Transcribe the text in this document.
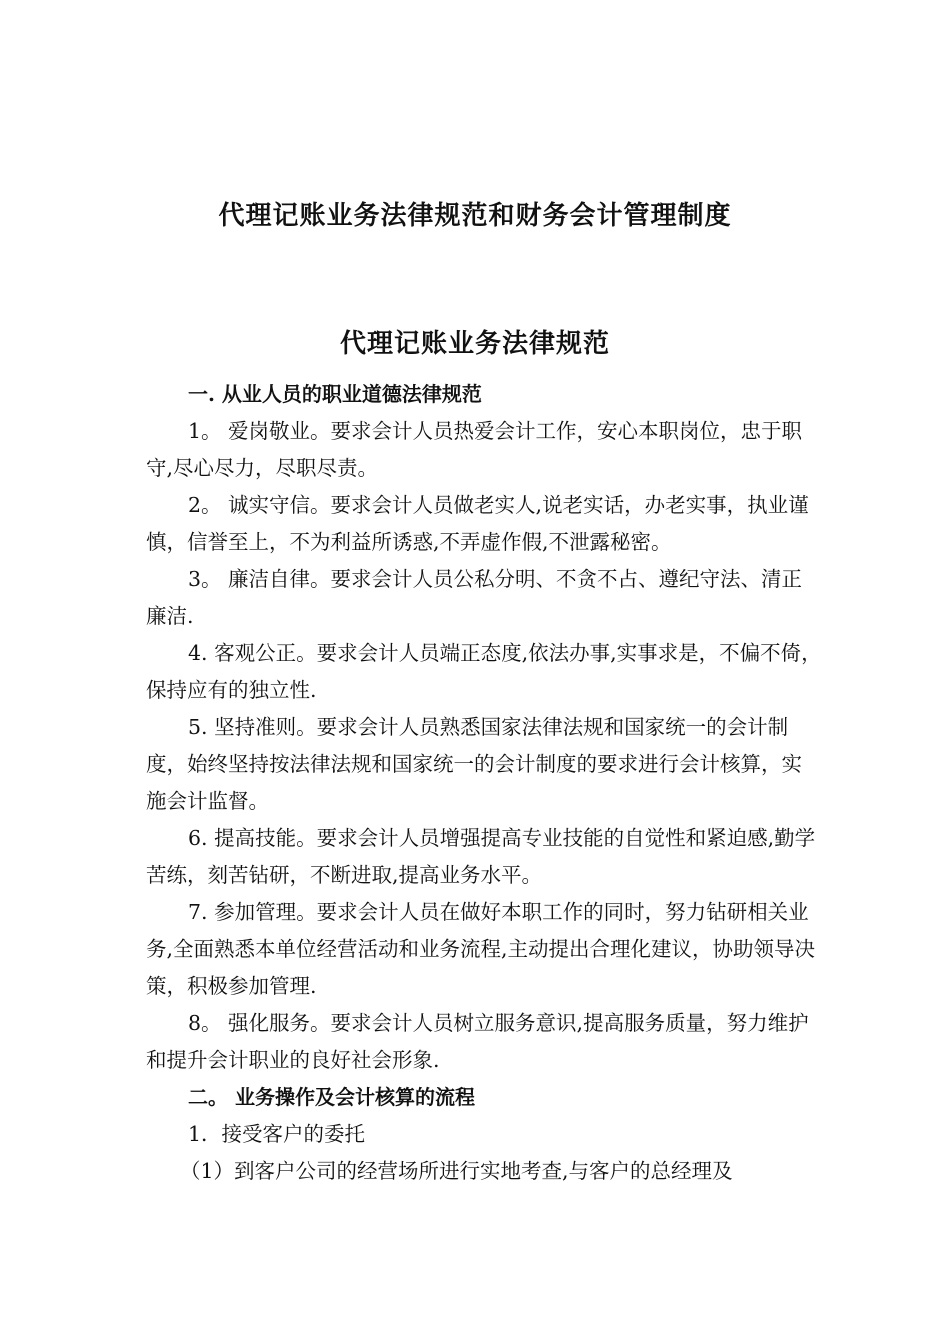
代理记账业务法律规范和财务会计管理制度
代理记账业务法律规范

一. 从业人员的职业道德法律规范

1。 爱岗敬业。要求会计人员热爱会计工作，安心本职岗位，忠于职守,尽心尽力，尽职尽责。

2。 诚实守信。要求会计人员做老实人,说老实话，办老实事，执业谨慎，信誉至上，不为利益所诱惑,不弄虚作假,不泄露秘密。

3。 廉洁自律。要求会计人员公私分明、不贪不占、遵纪守法、清正廉洁.

4. 客观公正。要求会计人员端正态度,依法办事,实事求是，不偏不倚，保持应有的独立性.

5. 坚持准则。要求会计人员熟悉国家法律法规和国家统一的会计制度，始终坚持按法律法规和国家统一的会计制度的要求进行会计核算，实施会计监督。

6. 提高技能。要求会计人员增强提高专业技能的自觉性和紧迫感,勤学苦练，刻苦钻研，不断进取,提高业务水平。

7. 参加管理。要求会计人员在做好本职工作的同时，努力钻研相关业务,全面熟悉本单位经营活动和业务流程,主动提出合理化建议，协助领导决策，积极参加管理.

8。 强化服务。要求会计人员树立服务意识,提高服务质量，努力维护和提升会计职业的良好社会形象.

二。 业务操作及会计核算的流程

1．接受客户的委托

（1）到客户公司的经营场所进行实地考查,与客户的总经理及
